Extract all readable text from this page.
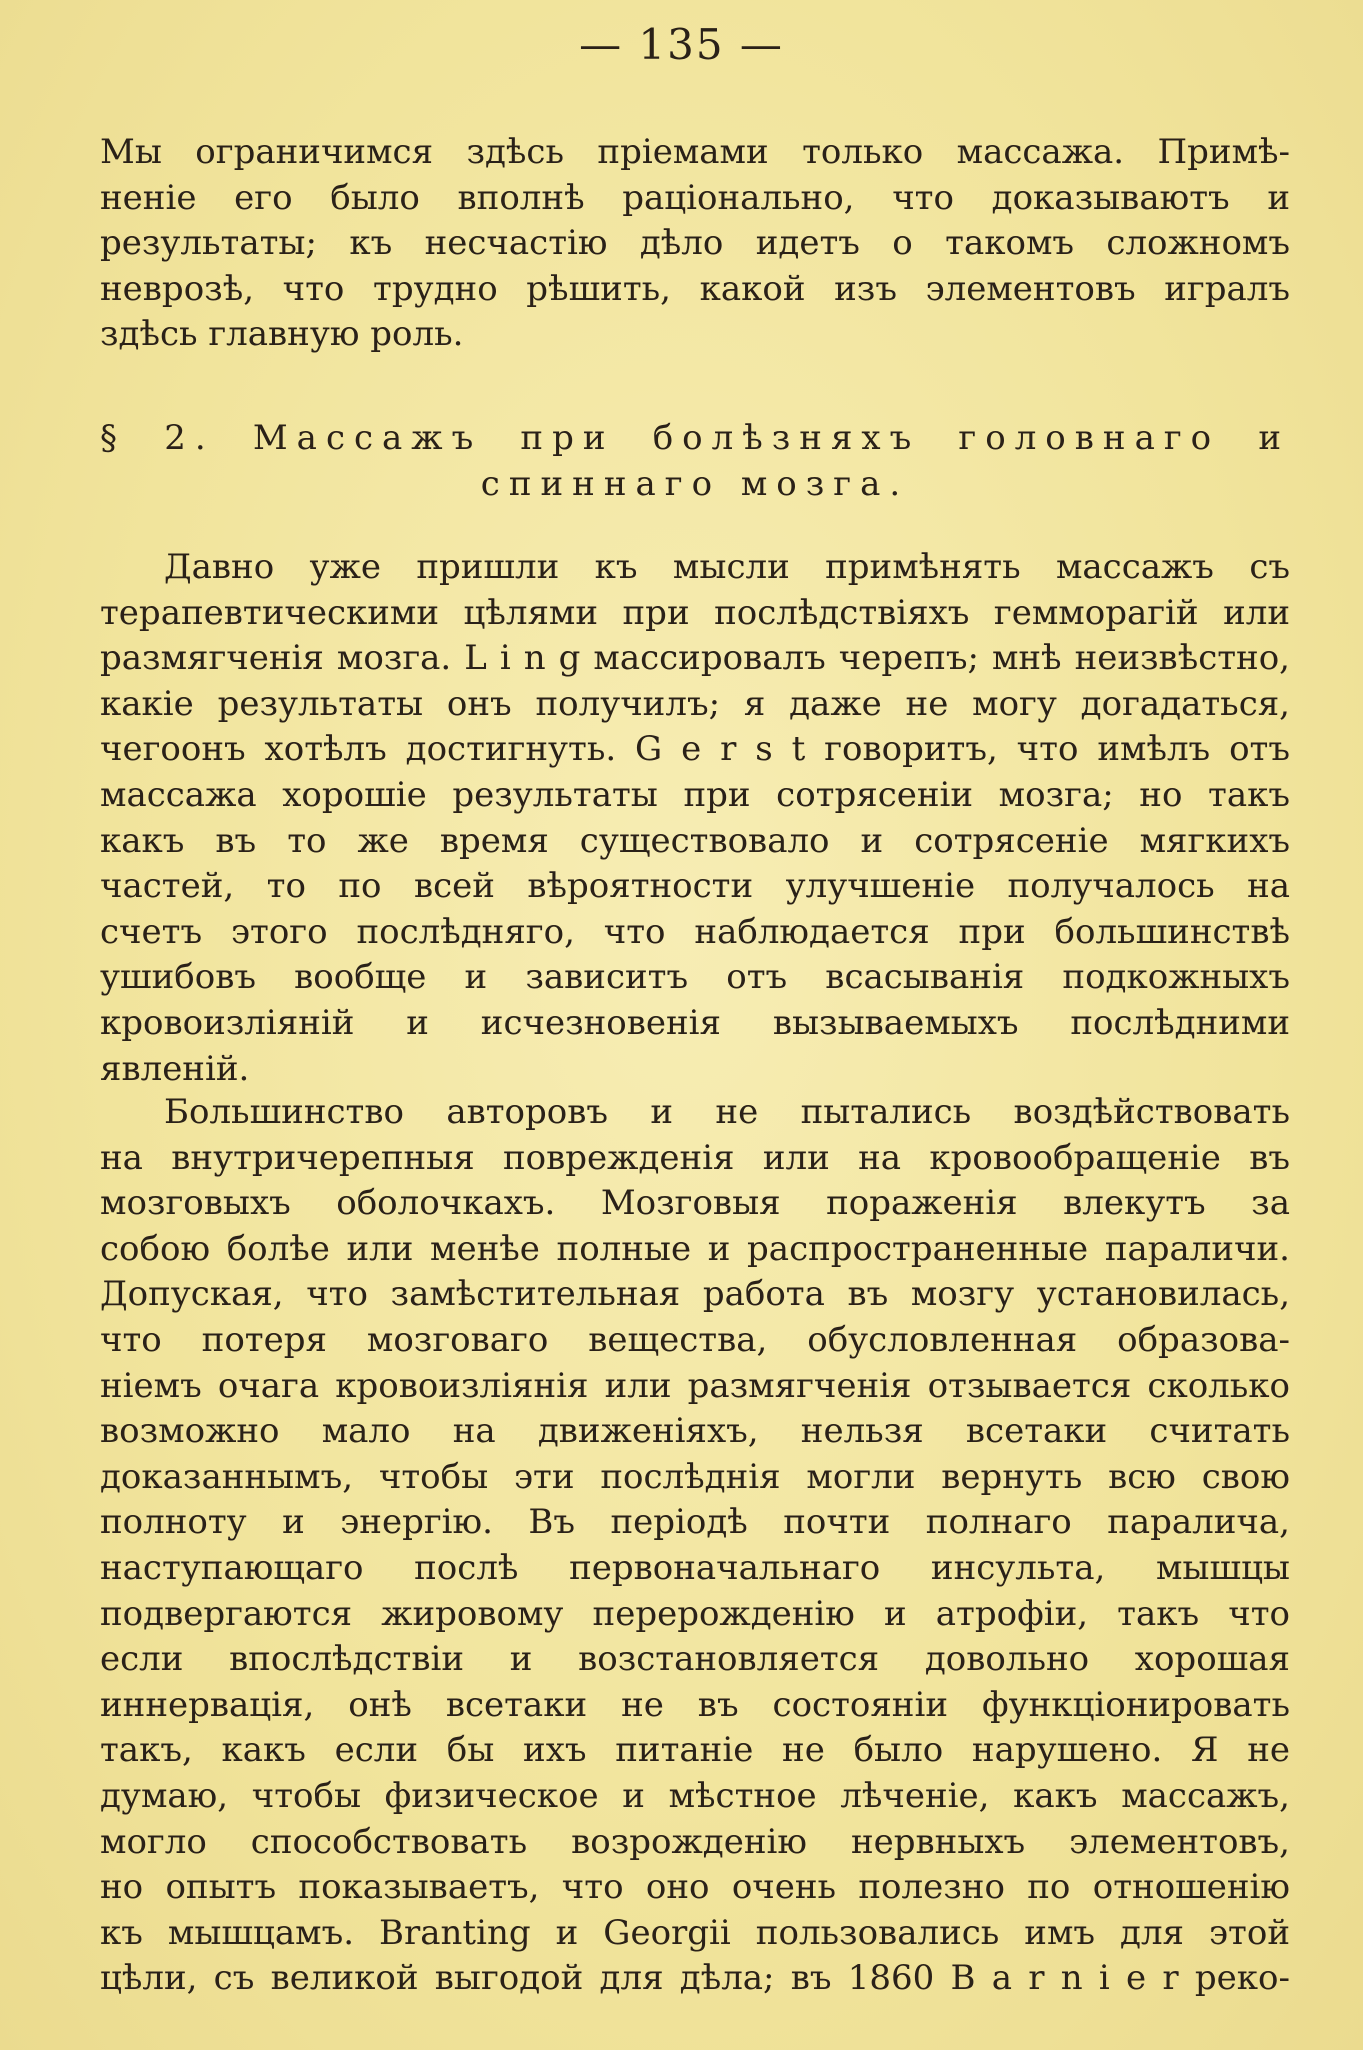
— 135 —
Мы ограничимся здѣсь пріемами только массажа. Примѣ-
неніе его было вполнѣ раціонально, что доказываютъ и
результаты; къ несчастію дѣло идетъ о такомъ сложномъ
неврозѣ, что трудно рѣшить, какой изъ элементовъ игралъ
здѣсь главную роль.
§ 2. Массажъ при болѣзняхъ головнаго и
спиннаго мозга.
Давно уже пришли къ мысли примѣнять массажъ съ
терапевтическими цѣлями при послѣдствіяхъ гемморагій или
размягченія мозга. L i n g массировалъ черепъ; мнѣ неизвѣстно,
какіе результаты онъ получилъ; я даже не могу догадаться,
чегоонъ хотѣлъ достигнуть. G e r s t говоритъ, что имѣлъ отъ
массажа хорошіе результаты при сотрясеніи мозга; но такъ
какъ въ то же время существовало и сотрясеніе мягкихъ
частей, то по всей вѣроятности улучшеніе получалось на
счетъ этого послѣдняго, что наблюдается при большинствѣ
ушибовъ вообще и зависитъ отъ всасыванія подкожныхъ
кровоизліяній и исчезновенія вызываемыхъ послѣдними
явленій.
Большинство авторовъ и не пытались воздѣйствовать
на внутричерепныя поврежденія или на кровообращеніе въ
мозговыхъ оболочкахъ. Мозговыя пораженія влекутъ за
собою болѣе или менѣе полные и распространенные параличи.
Допуская, что замѣстительная работа въ мозгу установилась,
что потеря мозговаго вещества, обусловленная образова-
ніемъ очага кровоизліянія или размягченія отзывается сколько
возможно мало на движеніяхъ, нельзя всетаки считать
доказаннымъ, чтобы эти послѣднія могли вернуть всю свою
полноту и энергію. Въ періодѣ почти полнаго паралича,
наступающаго послѣ первоначальнаго инсульта, мышцы
подвергаются жировому перерожденію и атрофіи, такъ что
если впослѣдствіи и возстановляется довольно хорошая
иннервація, онѣ всетаки не въ состояніи функціонировать
такъ, какъ если бы ихъ питаніе не было нарушено. Я не
думаю, чтобы физическое и мѣстное лѣченіе, какъ массажъ,
могло способствовать возрожденію нервныхъ элементовъ,
но опытъ показываетъ, что оно очень полезно по отношенію
къ мышцамъ. Branting и Georgii пользовались имъ для этой
цѣли, съ великой выгодой для дѣла; въ 1860 B a r n i e r реко-
